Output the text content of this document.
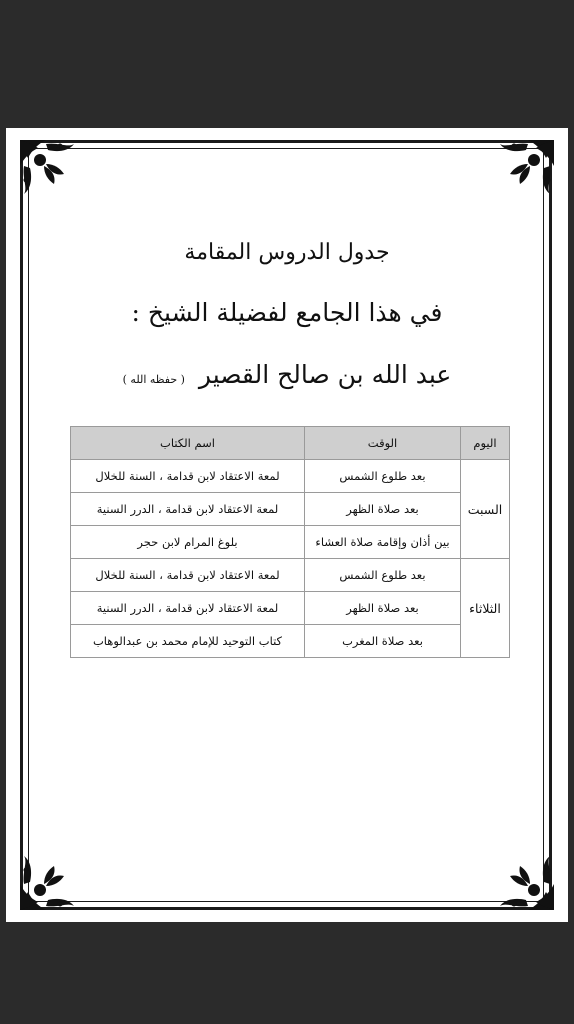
جدول الدروس المقامة
في هذا الجامع لفضيلة الشيخ :
عبد الله بن صالح القصير ( حفظه الله )
اليوم	الوقت	اسم الكتاب
السبت	بعد طلوع الشمس	لمعة الاعتقاد لابن قدامة ، السنة للخلال
	بعد صلاة الظهر	لمعة الاعتقاد لابن قدامة ، الدرر السنية
	بين أذان وإقامة صلاة العشاء	بلوغ المرام لابن حجر
الثلاثاء	بعد طلوع الشمس	لمعة الاعتقاد لابن قدامة ، السنة للخلال
	بعد صلاة الظهر	لمعة الاعتقاد لابن قدامة ، الدرر السنية
	بعد صلاة المغرب	كتاب التوحيد للإمام محمد بن عبدالوهاب
